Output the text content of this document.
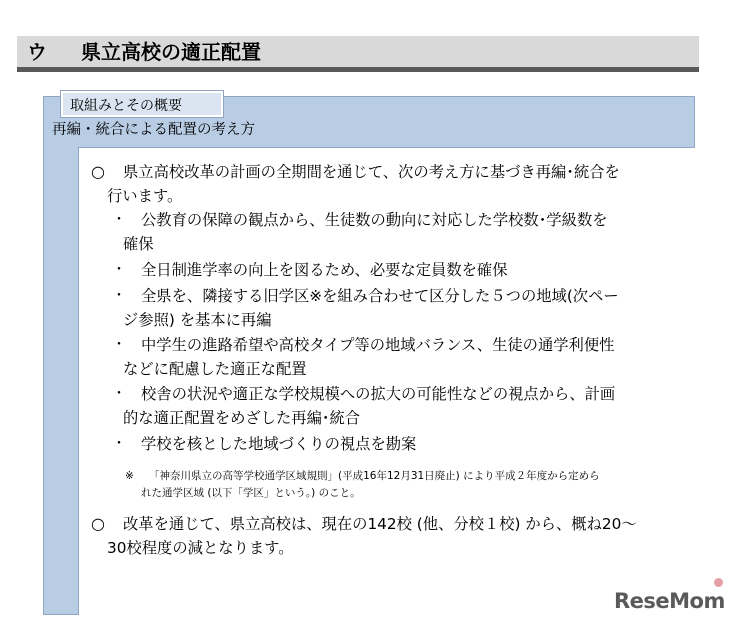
ウ 県立高校の適正配置
取組みとその概要
再編・統合による配置の考え方
○ 県立高校改革の計画の全期間を通じて、次の考え方に基づき再編･統合を
行います。
・ 公教育の保障の観点から、生徒数の動向に対応した学校数･学級数を
確保
・ 全日制進学率の向上を図るため、必要な定員数を確保
・ 全県を、隣接する旧学区※を組み合わせて区分した５つの地域(次ペー
ジ参照) を基本に再編
・ 中学生の進路希望や高校タイプ等の地域バランス、生徒の通学利便性
などに配慮した適正な配置
・ 校舎の状況や適正な学校規模への拡大の可能性などの視点から、計画
的な適正配置をめざした再編･統合
・ 学校を核とした地域づくりの視点を勘案
※ 「神奈川県立の高等学校通学区域規則」(平成16年12月31日廃止) により平成２年度から定めら
れた通学区域 (以下「学区」という。) のこと。
○ 改革を通じて、県立高校は、現在の142校 (他、分校１校) から、概ね20～
30校程度の減となります。
ReseMom
